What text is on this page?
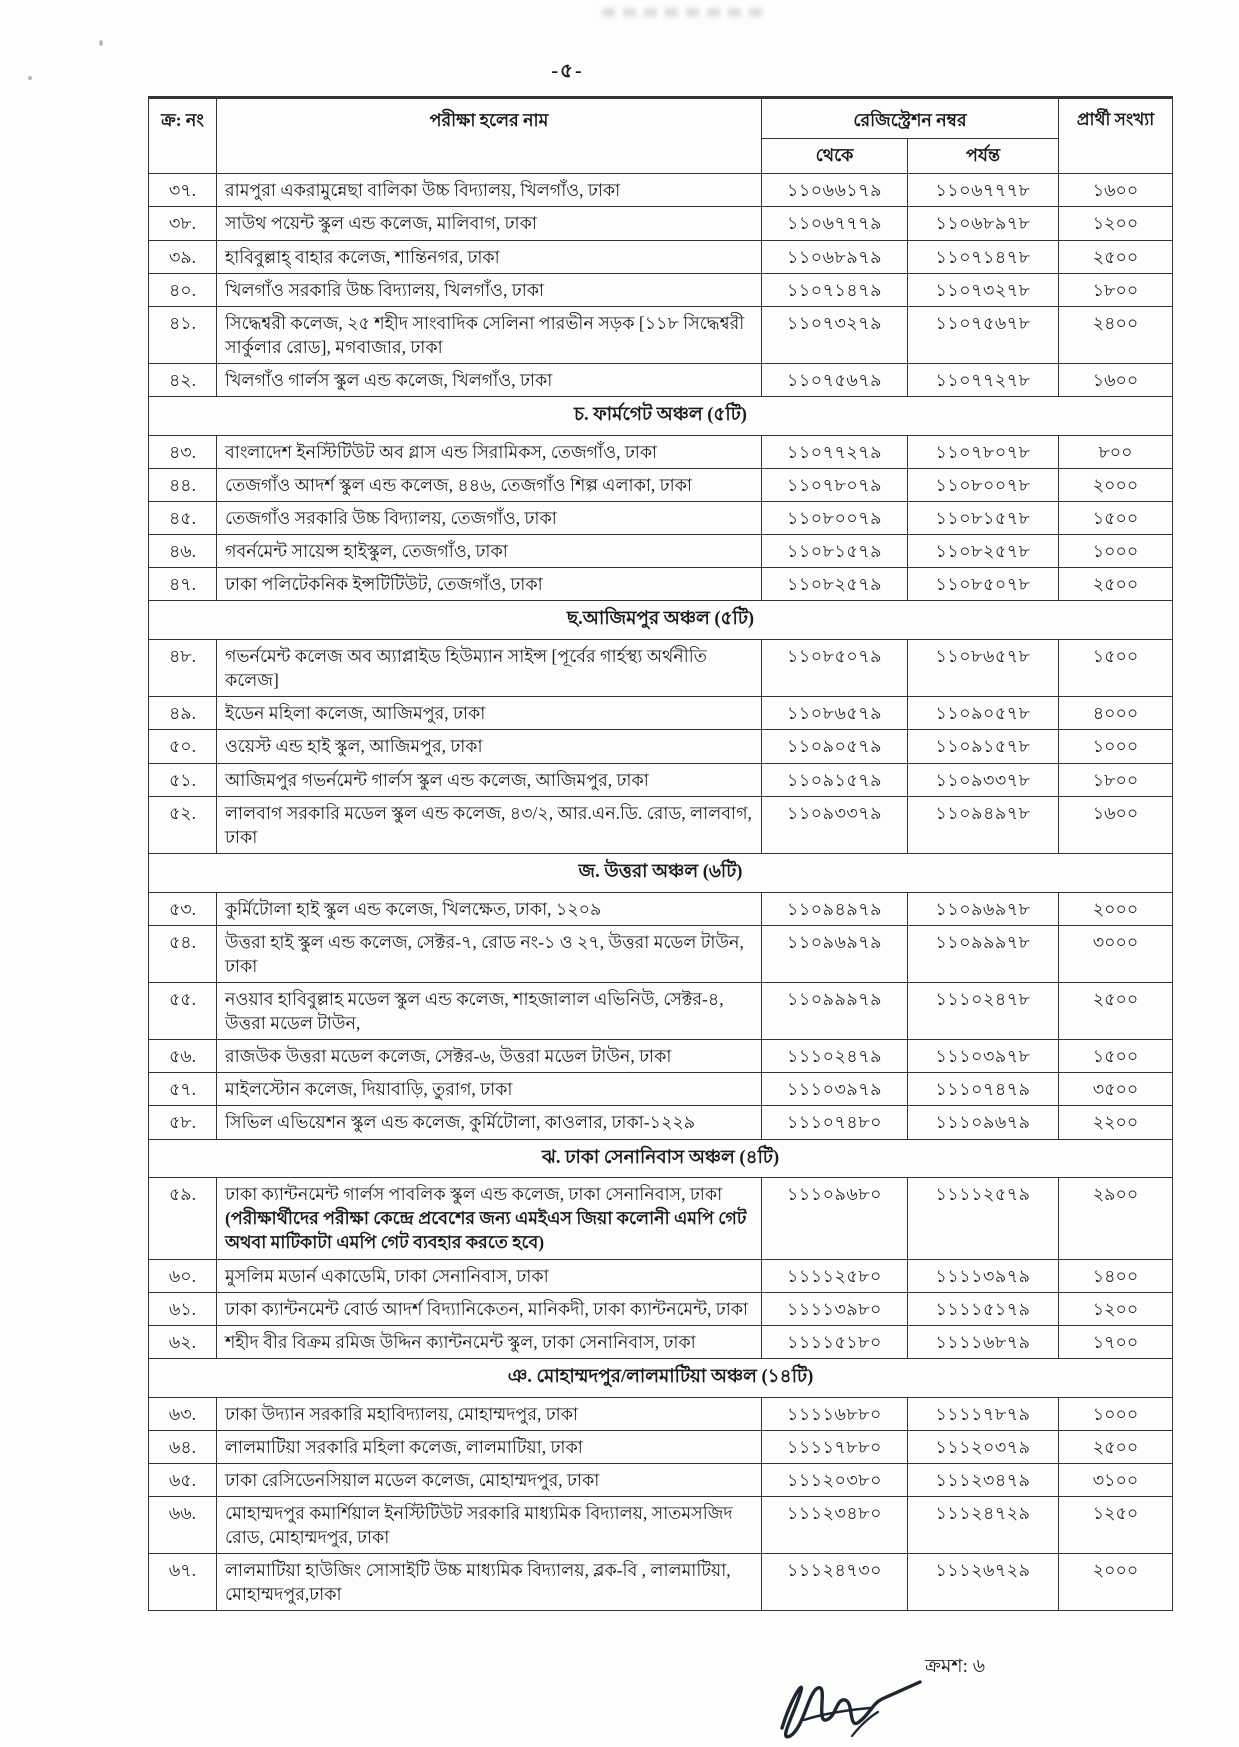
-৫-
ক্র: নং	পরীক্ষা হলের নাম	রেজিস্ট্রেশন নম্বর		প্রার্থী সংখ্যা
		থেকে	পর্যন্ত	
৩৭.	রামপুরা একরামুন্নেছা বালিকা উচ্চ বিদ্যালয়, খিলগাঁও, ঢাকা	১১০৬৬১৭৯	১১০৬৭৭৭৮	১৬০০
৩৮.	সাউথ পয়েন্ট স্কুল এন্ড কলেজ, মালিবাগ, ঢাকা	১১০৬৭৭৭৯	১১০৬৮৯৭৮	১২০০
৩৯.	হাবিবুল্লাহ্ বাহার কলেজ, শান্তিনগর, ঢাকা	১১০৬৮৯৭৯	১১০৭১৪৭৮	২৫০০
৪০.	খিলগাঁও সরকারি উচ্চ বিদ্যালয়, খিলগাঁও, ঢাকা	১১০৭১৪৭৯	১১০৭৩২৭৮	১৮০০
৪১.	সিদ্ধেশ্বরী কলেজ, ২৫ শহীদ সাংবাদিক সেলিনা পারভীন সড়ক [১১৮ সিদ্ধেশ্বরী সার্কুলার রোড], মগবাজার, ঢাকা	১১০৭৩২৭৯	১১০৭৫৬৭৮	২৪০০
৪২.	খিলগাঁও গার্লস স্কুল এন্ড কলেজ, খিলগাঁও, ঢাকা	১১০৭৫৬৭৯	১১০৭৭২৭৮	১৬০০
চ. ফার্মগেট অঞ্চল (৫টি)				
৪৩.	বাংলাদেশ ইনস্টিটিউট অব গ্লাস এন্ড সিরামিকস, তেজগাঁও, ঢাকা	১১০৭৭২৭৯	১১০৭৮০৭৮	৮০০
৪৪.	তেজগাঁও আদর্শ স্কুল এন্ড কলেজ, ৪৪৬, তেজগাঁও শিল্প এলাকা, ঢাকা	১১০৭৮০৭৯	১১০৮০০৭৮	২০০০
৪৫.	তেজগাঁও সরকারি উচ্চ বিদ্যালয়, তেজগাঁও, ঢাকা	১১০৮০০৭৯	১১০৮১৫৭৮	১৫০০
৪৬.	গবর্নমেন্ট সায়েন্স হাইস্কুল, তেজগাঁও, ঢাকা	১১০৮১৫৭৯	১১০৮২৫৭৮	১০০০
৪৭.	ঢাকা পলিটেকনিক ইন্সটিটিউট, তেজগাঁও, ঢাকা	১১০৮২৫৭৯	১১০৮৫০৭৮	২৫০০
ছ.আজিমপুর অঞ্চল (৫টি)				
৪৮.	গভর্নমেন্ট কলেজ অব অ্যাপ্লাইড হিউম্যান সাইন্স [পূর্বের গার্হস্থ্য অর্থনীতি কলেজ]	১১০৮৫০৭৯	১১০৮৬৫৭৮	১৫০০
৪৯.	ইডেন মহিলা কলেজ, আজিমপুর, ঢাকা	১১০৮৬৫৭৯	১১০৯০৫৭৮	৪০০০
৫০.	ওয়েস্ট এন্ড হাই স্কুল, আজিমপুর, ঢাকা	১১০৯০৫৭৯	১১০৯১৫৭৮	১০০০
৫১.	আজিমপুর গভর্নমেন্ট গার্লস স্কুল এন্ড কলেজ, আজিমপুর, ঢাকা	১১০৯১৫৭৯	১১০৯৩৩৭৮	১৮০০
৫২.	লালবাগ সরকারি মডেল স্কুল এন্ড কলেজ, ৪৩/২, আর.এন.ডি. রোড, লালবাগ, ঢাকা	১১০৯৩৩৭৯	১১০৯৪৯৭৮	১৬০০
জ. উত্তরা অঞ্চল (৬টি)				
৫৩.	কুর্মিটোলা হাই স্কুল এন্ড কলেজ, খিলক্ষেত, ঢাকা, ১২০৯	১১০৯৪৯৭৯	১১০৯৬৯৭৮	২০০০
৫৪.	উত্তরা হাই স্কুল এন্ড কলেজ, সেক্টর-৭, রোড নং-১ ও ২৭, উত্তরা মডেল টাউন, ঢাকা	১১০৯৬৯৭৯	১১০৯৯৯৭৮	৩০০০
৫৫.	নওয়াব হাবিবুল্লাহ মডেল স্কুল এন্ড কলেজ, শাহজালাল এভিনিউ, সেক্টর-৪, উত্তরা মডেল টাউন,	১১০৯৯৯৭৯	১১১০২৪৭৮	২৫০০
৫৬.	রাজউক উত্তরা মডেল কলেজ, সেক্টর-৬, উত্তরা মডেল টাউন, ঢাকা	১১১০২৪৭৯	১১১০৩৯৭৮	১৫০০
৫৭.	মাইলস্টোন কলেজ, দিয়াবাড়ি, তুরাগ, ঢাকা	১১১০৩৯৭৯	১১১০৭৪৭৯	৩৫০০
৫৮.	সিভিল এভিয়েশন স্কুল এন্ড কলেজ, কুর্মিটোলা, কাওলার, ঢাকা-১২২৯	১১১০৭৪৮০	১১১০৯৬৭৯	২২০০
ঝ. ঢাকা সেনানিবাস অঞ্চল (৪টি)				
৫৯.	ঢাকা ক্যান্টনমেন্ট গার্লস পাবলিক স্কুল এন্ড কলেজ, ঢাকা সেনানিবাস, ঢাকা (পরীক্ষার্থীদের পরীক্ষা কেন্দ্রে প্রবেশের জন্য এমইএস জিয়া কলোনী এমপি গেট অথবা মাটিকাটা এমপি গেট ব্যবহার করতে হবে)	১১১০৯৬৮০	১১১১২৫৭৯	২৯০০
৬০.	মুসলিম মডার্ন একাডেমি, ঢাকা সেনানিবাস, ঢাকা	১১১১২৫৮০	১১১১৩৯৭৯	১৪০০
৬১.	ঢাকা ক্যান্টনমেন্ট বোর্ড আদর্শ বিদ্যানিকেতন, মানিকদী, ঢাকা ক্যান্টনমেন্ট, ঢাকা	১১১১৩৯৮০	১১১১৫১৭৯	১২০০
৬২.	শহীদ বীর বিক্রম রমিজ উদ্দিন ক্যান্টনমেন্ট স্কুল, ঢাকা সেনানিবাস, ঢাকা	১১১১৫১৮০	১১১১৬৮৭৯	১৭০০
ঞ. মোহাম্মদপুর/লালমাটিয়া অঞ্চল (১৪টি)				
৬৩.	ঢাকা উদ্যান সরকারি মহাবিদ্যালয়, মোহাম্মদপুর, ঢাকা	১১১১৬৮৮০	১১১১৭৮৭৯	১০০০
৬৪.	লালমাটিয়া সরকারি মহিলা কলেজ, লালমাটিয়া, ঢাকা	১১১১৭৮৮০	১১১২০৩৭৯	২৫০০
৬৫.	ঢাকা রেসিডেনসিয়াল মডেল কলেজ, মোহাম্মদপুর, ঢাকা	১১১২০৩৮০	১১১২৩৪৭৯	৩১০০
৬৬.	মোহাম্মদপুর কমার্শিয়াল ইনস্টিটিউট সরকারি মাধ্যমিক বিদ্যালয়, সাতমসজিদ রোড, মোহাম্মদপুর, ঢাকা	১১১২৩৪৮০	১১১২৪৭২৯	১২৫০
৬৭.	লালমাটিয়া হাউজিং সোসাইটি উচ্চ মাধ্যমিক বিদ্যালয়, ব্লক-বি , লালমাটিয়া, মোহাম্মদপুর,ঢাকা	১১১২৪৭৩০	১১১২৬৭২৯	২০০০
ক্রমশ: ৬
